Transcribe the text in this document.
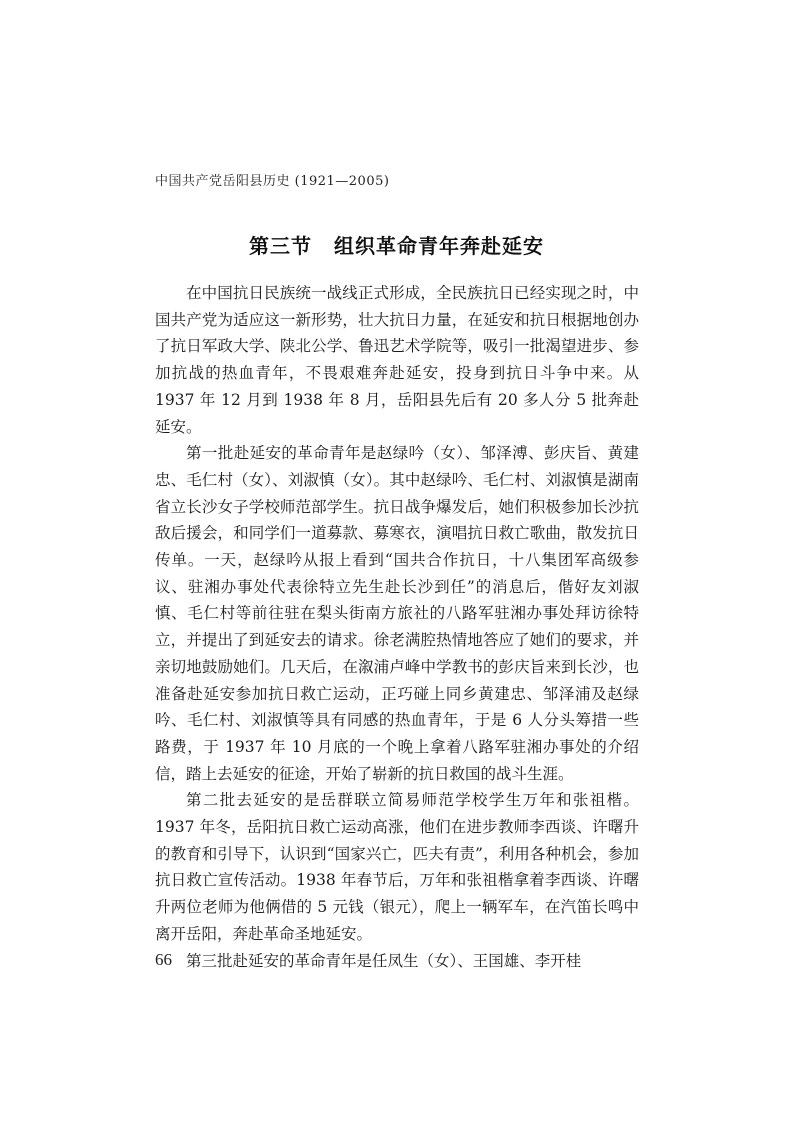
中国共产党岳阳县历史 (1921—2005)
第三节 组织革命青年奔赴延安

在中国抗日民族统一战线正式形成，全民族抗日已经实现之时，中国共产党为适应这一新形势，壮大抗日力量，在延安和抗日根据地创办了抗日军政大学、陕北公学、鲁迅艺术学院等，吸引一批渴望进步、参加抗战的热血青年，不畏艰难奔赴延安，投身到抗日斗争中来。从 1937 年 12 月到 1938 年 8 月，岳阳县先后有 20 多人分 5 批奔赴延安。

第一批赴延安的革命青年是赵绿吟（女）、邹泽溥、彭庆旨、黄建忠、毛仁村（女）、刘淑慎（女）。其中赵绿吟、毛仁村、刘淑慎是湖南省立长沙女子学校师范部学生。抗日战争爆发后，她们积极参加长沙抗敌后援会，和同学们一道募款、募寒衣，演唱抗日救亡歌曲，散发抗日传单。一天，赵绿吟从报上看到“国共合作抗日，十八集团军高级参议、驻湘办事处代表徐特立先生赴长沙到任”的消息后，偕好友刘淑慎、毛仁村等前往驻在梨头街南方旅社的八路军驻湘办事处拜访徐特立，并提出了到延安去的请求。徐老满腔热情地答应了她们的要求，并亲切地鼓励她们。几天后，在溆浦卢峰中学教书的彭庆旨来到长沙，也准备赴延安参加抗日救亡运动，正巧碰上同乡黄建忠、邹泽浦及赵绿吟、毛仁村、刘淑慎等具有同感的热血青年，于是 6 人分头筹措一些路费，于 1937 年 10 月底的一个晚上拿着八路军驻湘办事处的介绍信，踏上去延安的征途，开始了崭新的抗日救国的战斗生涯。

第二批去延安的是岳群联立简易师范学校学生万年和张祖楷。1937 年冬，岳阳抗日救亡运动高涨，他们在进步教师李西谈、许曙升的教育和引导下，认识到“国家兴亡，匹夫有责”，利用各种机会，参加抗日救亡宣传活动。1938 年春节后，万年和张祖楷拿着李西谈、许曙升两位老师为他俩借的 5 元钱（银元），爬上一辆军车，在汽笛长鸣中离开岳阳，奔赴革命圣地延安。

第三批赴延安的革命青年是任凤生（女）、王国雄、李开桂

66
